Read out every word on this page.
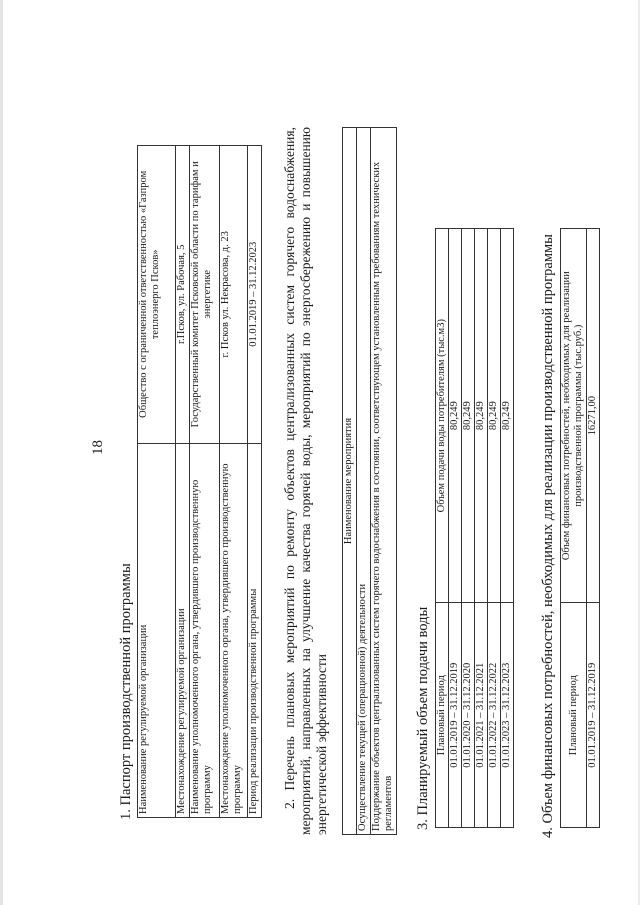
18
1. Паспорт производственной программы Наименование регулируемой организации	Общество с ограниченной ответственностью «Газпром теплоэнерго Псков»
Местонахождение регулируемой организации	г.Псков, ул. Рабочая, 5
Наименование уполномоченного органа, утвердившего производственную программу	Государственный комитет Псковской области по тарифам и энергетике
Местонахождение уполномоченного органа, утвердившего производственную программу	г. Псков ул. Некрасова, д. 23
Период реализации производственной программы	01.01.2019 – 31.12.2023 2. Перечень плановых мероприятий по ремонту объектов централизованных систем горячего водоснабжения, мероприятий, направленных на улучшение качества горячей воды, мероприятий по энергосбережению и повышению энергетической эффективности
Наименование мероприятия
Осуществление текущей (операционной) деятельности
Поддержание объектов централизованных систем горячего водоснабжения в состоянии, соответствующем установленным требованиям технических регламентов 3. Планируемый объем подачи воды Плановый период	Объем подачи воды потребителям (тыс.м3)
01.01.2019 – 31.12.2019	80,249
01.01.2020 – 31.12.2020	80,249
01.01.2021 – 31.12.2021	80,249
01.01.2022 – 31.12.2022	80,249
01.01.2023 – 31.12.2023	80,249 4. Объем финансовых потребностей, необходимых для реализации производственной программы Плановый период	Объем финансовых потребностей, необходимых для реализации производственной программы (тыс.руб.)
01.01.2019 – 31.12.2019	16271,00
